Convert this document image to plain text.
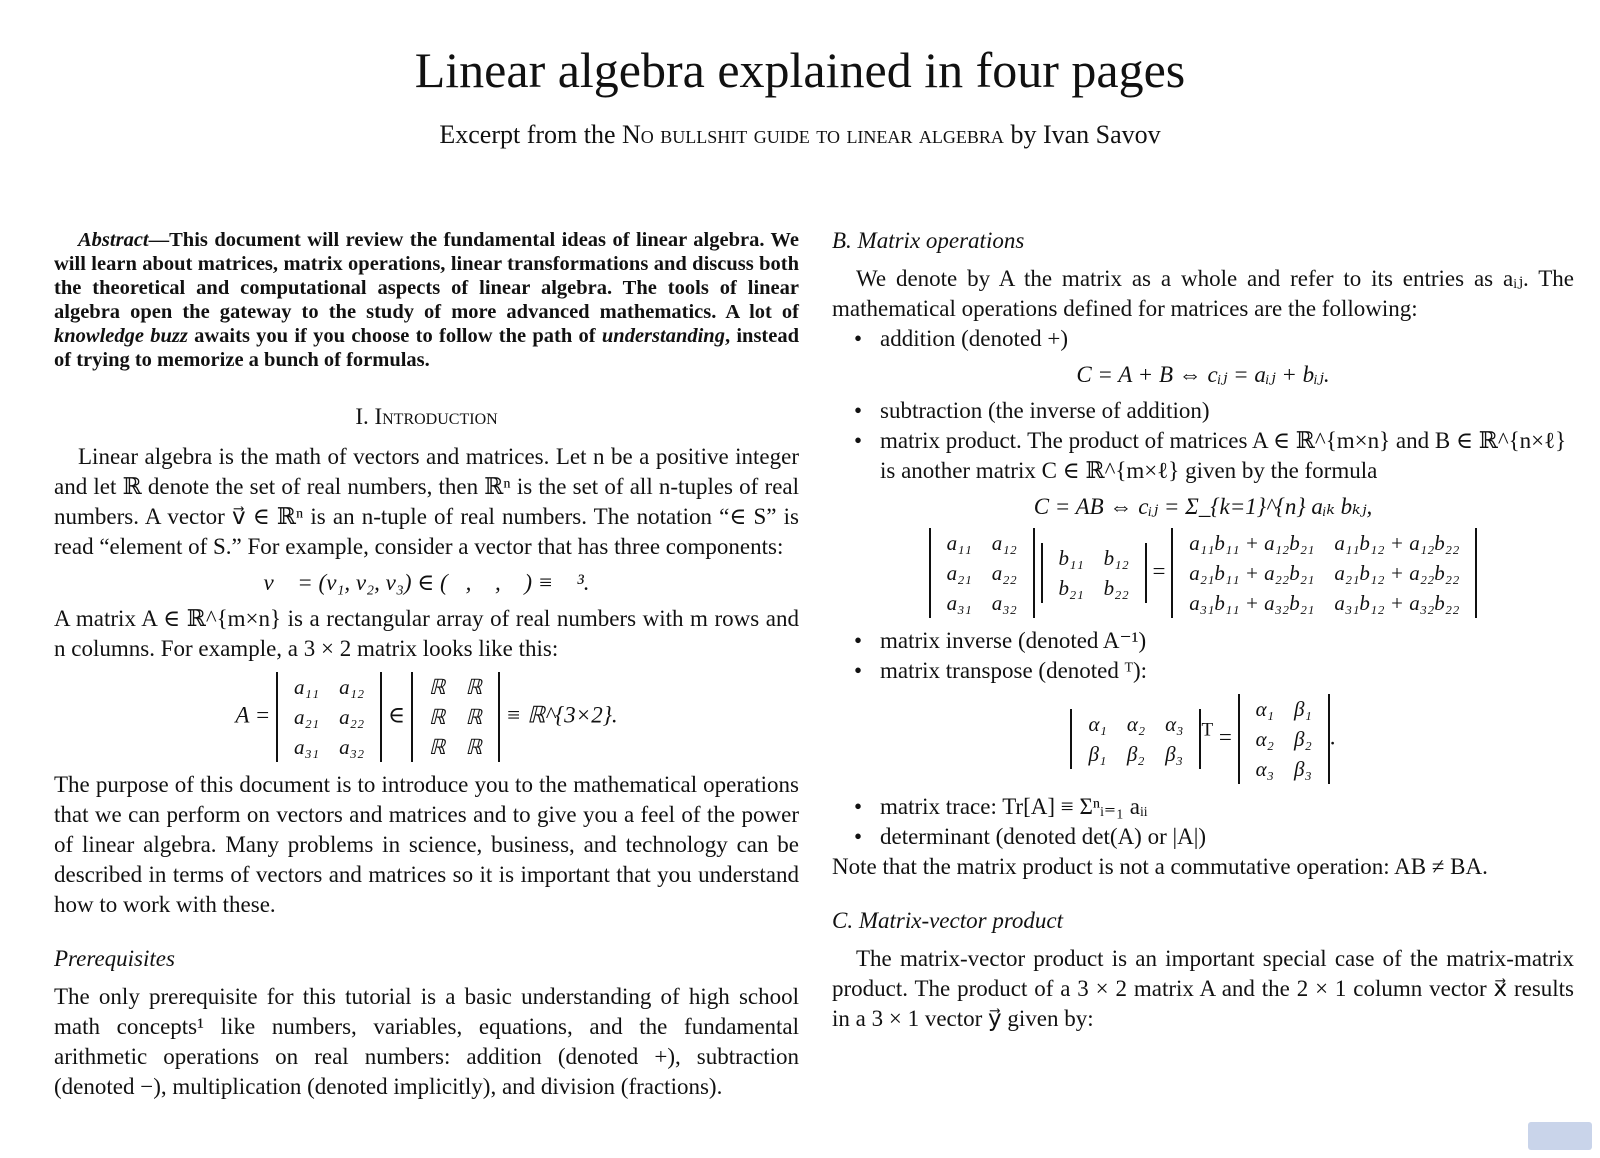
Linear algebra explained in four pages
Excerpt from the No bullshit guide to linear algebra by Ivan Savov

Abstract—This document will review the fundamental ideas of linear algebra. We will learn about matrices, matrix operations, linear transformations and discuss both the theoretical and computational aspects of linear algebra. The tools of linear algebra open the gateway to the study of more advanced mathematics. A lot of knowledge buzz awaits you if you choose to follow the path of understanding, instead of trying to memorize a bunch of formulas.

I. Introduction

Linear algebra is the math of vectors and matrices. Let n be a positive integer and let ℝ denote the set of real numbers, then ℝⁿ is the set of all n-tuples of real numbers. A vector v⃗ ∈ ℝⁿ is an n-tuple of real numbers. The notation “∈ S” is read “element of S.” For example, consider a vector that has three components:

v⃗ = (v₁, v₂, v₃) ∈ (ℝ, ℝ, ℝ) ≡ ℝ³.

A matrix A ∈ ℝ^{m×n} is a rectangular array of real numbers with m rows and n columns. For example, a 3 × 2 matrix looks like this:

A =
a₁₁	a₁₂
a₂₁	a₂₂
a₃₁	a₃₂
∈
ℝ	ℝ
ℝ	ℝ
ℝ	ℝ
≡ ℝ^{3×2}.

The purpose of this document is to introduce you to the mathematical operations that we can perform on vectors and matrices and to give you a feel of the power of linear algebra. Many problems in science, business, and technology can be described in terms of vectors and matrices so it is important that you understand how to work with these.

Prerequisites

The only prerequisite for this tutorial is a basic understanding of high school math concepts¹ like numbers, variables, equations, and the fundamental arithmetic operations on real numbers: addition (denoted +), subtraction (denoted −), multiplication (denoted implicitly), and division (fractions).

B. Matrix operations

We denote by A the matrix as a whole and refer to its entries as aᵢⱼ. The mathematical operations defined for matrices are the following:

• addition (denoted +)
C = A + B ⇔ cᵢⱼ = aᵢⱼ + bᵢⱼ.
• subtraction (the inverse of addition)
• matrix product. The product of matrices A ∈ ℝ^{m×n} and B ∈ ℝ^{n×ℓ} is another matrix C ∈ ℝ^{m×ℓ} given by the formula
C = AB ⇔ cᵢⱼ = Σ_{k=1}^{n} aᵢₖ bₖⱼ,
a₁₁	a₁₂
a₂₁	a₂₂
a₃₁	a₃₂

b₁₁	b₁₂
b₂₁	b₂₂
=
a₁₁b₁₁ + a₁₂b₂₁	a₁₁b₁₂ + a₁₂b₂₂
a₂₁b₁₁ + a₂₂b₂₁	a₂₁b₁₂ + a₂₂b₂₂
a₃₁b₁₁ + a₃₂b₂₁	a₃₁b₁₂ + a₃₂b₂₂
• matrix inverse (denoted A⁻¹)
• matrix transpose (denoted ᵀ):
α₁	α₂	α₃
β₁	β₂	β₃
$^T$ =
α₁	β₁
α₂	β₂
α₃	β₃
.
• matrix trace: Tr[A] ≡ Σⁿᵢ₌₁ aᵢᵢ
• determinant (denoted det(A) or |A|)

Note that the matrix product is not a commutative operation: AB ≠ BA.

C. Matrix-vector product

The matrix-vector product is an important special case of the matrix-matrix product. The product of a 3 × 2 matrix A and the 2 × 1 column vector x⃗ results in a 3 × 1 vector y⃗ given by:
